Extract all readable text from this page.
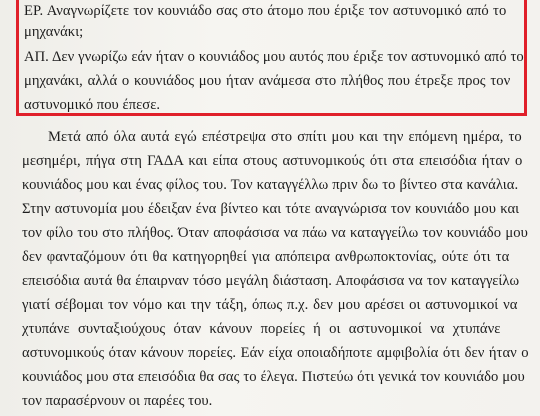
ΕΡ. Αναγνωρίζετε τον κουνιάδο σας στο άτομο που έριξε τον αστυνομικό από το
μηχανάκι;
ΑΠ. Δεν γνωρίζω εάν ήταν ο κουνιάδος μου αυτός που έριξε τον αστυνομικό από το
μηχανάκι, αλλά ο κουνιάδος μου ήταν ανάμεσα στο πλήθος που έτρεξε προς τον
αστυνομικό που έπεσε.
Μετά από όλα αυτά εγώ επέστρεψα στο σπίτι μου και την επόμενη ημέρα, το
μεσημέρι, πήγα στη ΓΑΔΑ και είπα στους αστυνομικούς ότι στα επεισόδια ήταν ο
κουνιάδος μου και ένας φίλος του. Τον καταγγέλλω πριν δω το βίντεο στα κανάλια.
Στην αστυνομία μου έδειξαν ένα βίντεο και τότε αναγνώρισα τον κουνιάδο μου και
τον φίλο του στο πλήθος. Όταν αποφάσισα να πάω να καταγγείλω τον κουνιάδο μου
δεν φανταζόμουν ότι θα κατηγορηθεί για απόπειρα ανθρωποκτονίας, ούτε ότι τα
επεισόδια αυτά θα έπαιρναν τόσο μεγάλη διάσταση. Αποφάσισα να τον καταγγείλω
γιατί σέβομαι τον νόμο και την τάξη, όπως π.χ. δεν μου αρέσει οι αστυνομικοί να
χτυπάνε συνταξιούχους όταν κάνουν πορείες ή οι αστυνομικοί να χτυπάνε
αστυνομικούς όταν κάνουν πορείες. Εάν είχα οποιαδήποτε αμφιβολία ότι δεν ήταν ο
κουνιάδος μου στα επεισόδια θα σας το έλεγα. Πιστεύω ότι γενικά τον κουνιάδο μου
τον παρασέρνουν οι παρέες του.
